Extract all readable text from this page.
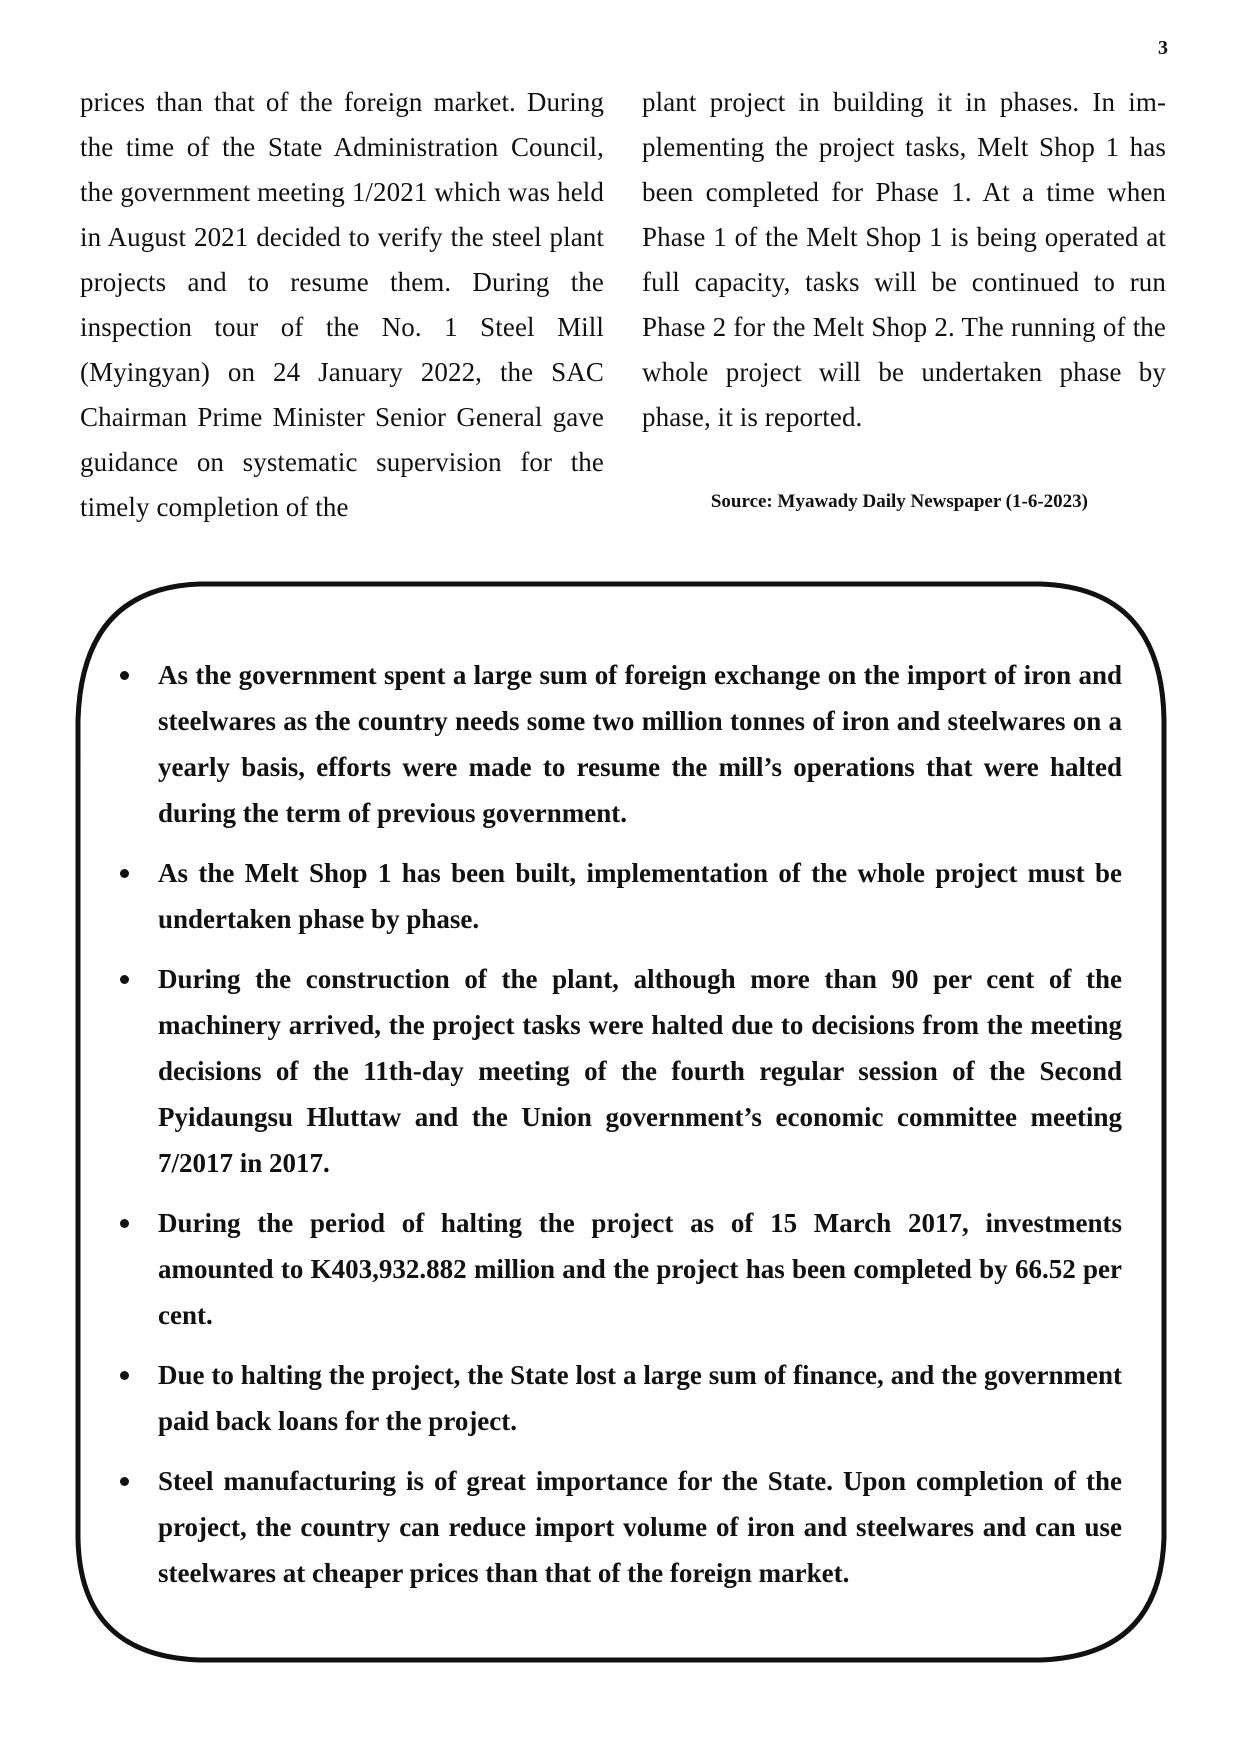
3

prices than that of the foreign market. During the time of the State Administration Council, the government meeting 1/2021 which was held in August 2021 decided to verify the steel plant projects and to resume them. During the inspection tour of the No. 1 Steel Mill (Myingyan) on 24 January 2022, the SAC Chairman Prime Minister Senior General gave guidance on systematic supervision for the timely completion of the

plant project in building it in phases. In implementing the project tasks, Melt Shop 1 has been completed for Phase 1. At a time when Phase 1 of the Melt Shop 1 is being operated at full capacity, tasks will be continued to run Phase 2 for the Melt Shop 2. The running of the whole project will be undertaken phase by phase, it is reported.

Source: Myawady Daily Newspaper (1-6-2023)
As the government spent a large sum of foreign exchange on the import of iron and steelwares as the country needs some two million tonnes of iron and steelwares on a yearly basis, efforts were made to resume the mill’s operations that were halted during the term of previous government.
As the Melt Shop 1 has been built, implementation of the whole project must be undertaken phase by phase.
During the construction of the plant, although more than 90 per cent of the machinery arrived, the project tasks were halted due to decisions from the meeting decisions of the 11th-day meeting of the fourth regular session of the Second Pyidaungsu Hluttaw and the Union government’s economic committee meeting 7/2017 in 2017.
During the period of halting the project as of 15 March 2017, investments amounted to K403,932.882 million and the project has been completed by 66.52 per cent.
Due to halting the project, the State lost a large sum of finance, and the government paid back loans for the project.
Steel manufacturing is of great importance for the State. Upon completion of the project, the country can reduce import volume of iron and steelwares and can use steelwares at cheaper prices than that of the foreign market.
